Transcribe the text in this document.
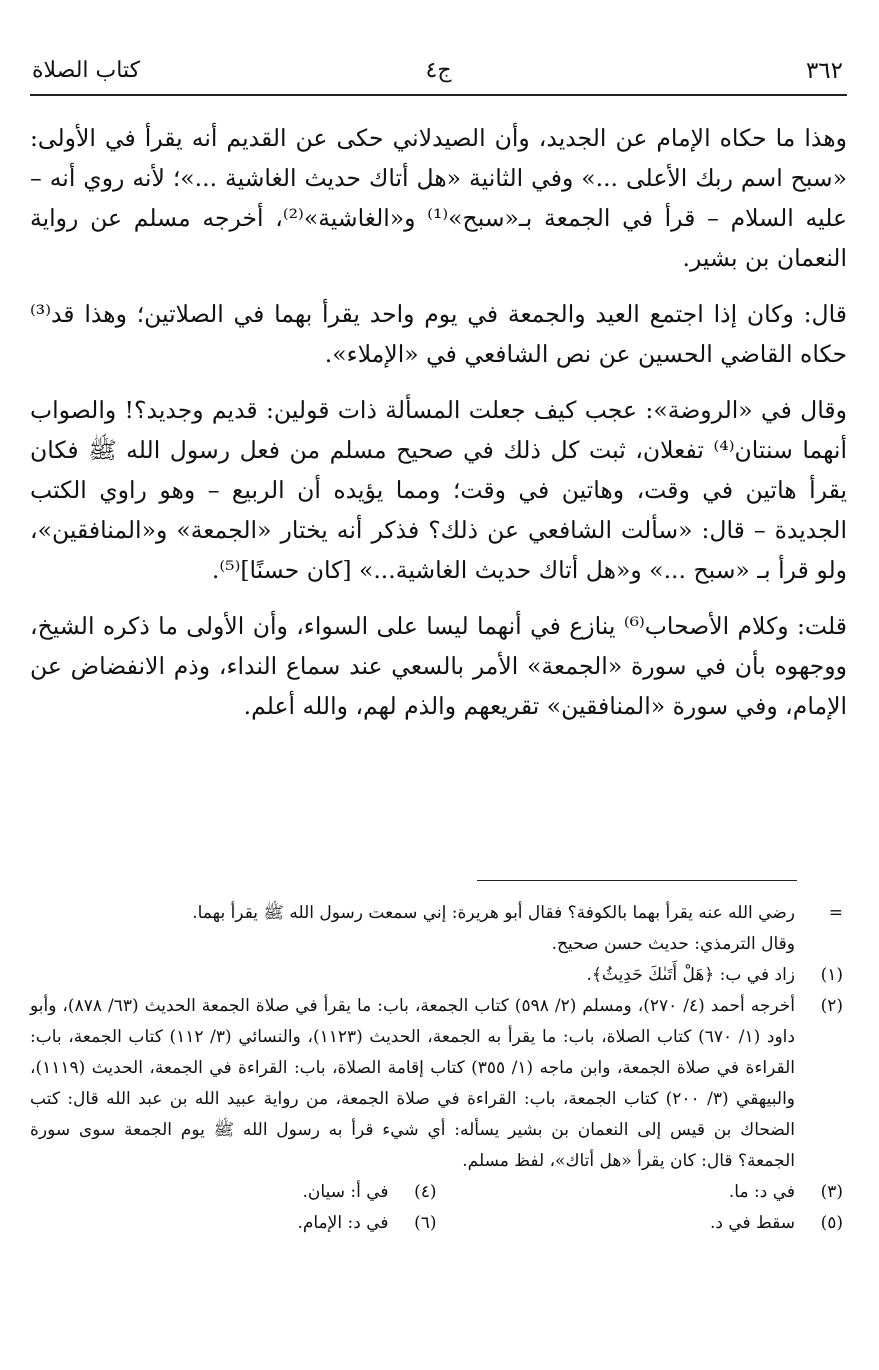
كتاب الصلاة	ج٤	٣٦٢

وهذا ما حكاه الإمام عن الجديد، وأن الصيدلاني حكى عن القديم أنه يقرأ في الأولى: «سبح اسم ربك الأعلى ...» وفي الثانية «هل أتاك حديث الغاشية ...»؛ لأنه روي أنه – عليه السلام – قرأ في الجمعة بـ«سبح»⁽¹⁾ و«الغاشية»⁽²⁾، أخرجه مسلم عن رواية النعمان بن بشير.

قال: وكان إذا اجتمع العيد والجمعة في يوم واحد يقرأ بهما في الصلاتين؛ وهذا قد⁽³⁾ حكاه القاضي الحسين عن نص الشافعي في «الإملاء».

وقال في «الروضة»: عجب كيف جعلت المسألة ذات قولين: قديم وجديد؟! والصواب أنهما سنتان⁽⁴⁾ تفعلان، ثبت كل ذلك في صحيح مسلم من فعل رسول الله ﷺ فكان يقرأ هاتين في وقت، وهاتين في وقت؛ ومما يؤيده أن الربيع – وهو راوي الكتب الجديدة – قال: «سألت الشافعي عن ذلك؟ فذكر أنه يختار «الجمعة» و«المنافقين»، ولو قرأ بـ «سبح ...» و«هل أتاك حديث الغاشية...» [كان حسنًا]⁽⁵⁾.

قلت: وكلام الأصحاب⁽⁶⁾ ينازع في أنهما ليسا على السواء، وأن الأولى ما ذكره الشيخ، ووجهوه بأن في سورة «الجمعة» الأمر بالسعي عند سماع النداء، وذم الانفضاض عن الإمام، وفي سورة «المنافقين» تقريعهم والذم لهم، والله أعلم.

=
رضي الله عنه يقرأ بهما بالكوفة؟ فقال أبو هريرة: إني سمعت رسول الله ﷺ يقرأ بهما.
وقال الترمذي: حديث حسن صحيح.
(١)
زاد في ب: ﴿هَلْ أَتَىٰكَ حَدِيثُ﴾.
(٢)
أخرجه أحمد (٤/ ٢٧٠)، ومسلم (٢/ ٥٩٨) كتاب الجمعة، باب: ما يقرأ في صلاة الجمعة الحديث (٦٣/ ٨٧٨)، وأبو داود (١/ ٦٧٠) كتاب الصلاة، باب: ما يقرأ به الجمعة، الحديث (١١٢٣)، والنسائي (٣/ ١١٢) كتاب الجمعة، باب: القراءة في صلاة الجمعة، وابن ماجه (١/ ٣٥٥) كتاب إقامة الصلاة، باب: القراءة في الجمعة، الحديث (١١١٩)، والبيهقي (٣/ ٢٠٠) كتاب الجمعة، باب: القراءة في صلاة الجمعة، من رواية عبيد الله بن عبد الله قال: كتب الضحاك بن قيس إلى النعمان بن بشير يسأله: أي شيء قرأ به رسول الله ﷺ يوم الجمعة سوى سورة الجمعة؟ قال: كان يقرأ «هل أتاك»، لفظ مسلم.
(٣)
في د: ما.
(٤)
في أ: سيان.
(٥)
سقط في د.
(٦)
في د: الإمام.
